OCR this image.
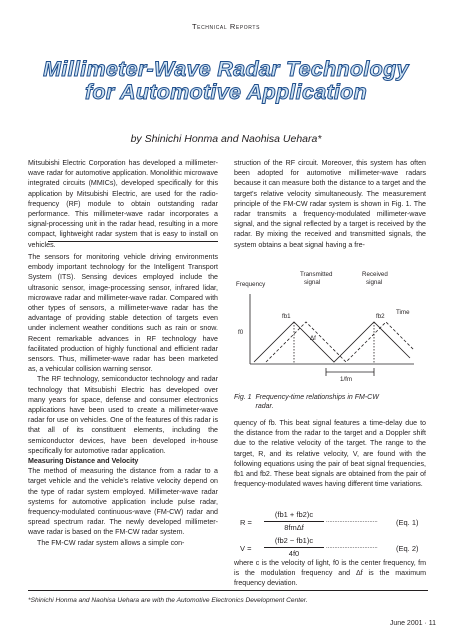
Technical Reports
Millimeter-Wave Radar Technology
for Automotive Application
by Shinichi Honma and Naohisa Uehara*

Mitsubishi Electric Corporation has developed a millimeter-wave radar for automotive application. Monolithic microwave integrated circuits (MMICs), developed specifically for this application by Mitsubishi Electric, are used for the radio-frequency (RF) module to obtain outstanding radar performance. This millimeter-wave radar incorporates a signal-processing unit in the radar head, resulting in a more compact, lightweight radar system that is easy to install on vehicles.

The sensors for monitoring vehicle driving environments embody important technology for the Intelligent Transport System (ITS). Sensing devices employed include the ultrasonic sensor, image-processing sensor, infrared lidar, microwave radar and millimeter-wave radar. Compared with other types of sensors, a millimeter-wave radar has the advantage of providing stable detection of targets even under inclement weather conditions such as rain or snow. Recent remarkable advances in RF technology have facilitated production of highly functional and efficient radar sensors. Thus, millimeter-wave radar has been marketed as, a vehicular collision warning sensor.

The RF technology, semiconductor technology and radar technology that Mitsubishi Electric has developed over many years for space, defense and consumer electronics applications have been used to create a millimeter-wave radar for use on vehicles. One of the features of this radar is that all of its constituent elements, including the semiconductor devices, have been developed in-house specifically for automotive radar application.

Measuring Distance and Velocity

The method of measuring the distance from a radar to a target vehicle and the vehicle's relative velocity depend on the type of radar system employed. Millimeter-wave radar systems for automotive application include pulse radar, frequency-modulated continuous-wave (FM-CW) radar and spread spectrum radar. The newly developed millimeter-wave radar is based on the FM-CW radar system.

The FM-CW radar system allows a simple con-

struction of the RF circuit. Moreover, this system has often been adopted for automotive millimeter-wave radars because it can measure both the distance to a target and the target's relative velocity simultaneously. The measurement principle of the FM-CW radar system is shown in Fig. 1. The radar transmits a frequency-modulated millimeter-wave signal, and the signal reflected by a target is received by the radar. By mixing the received and transmitted signals, the system obtains a beat signal having a fre-

Frequency
Transmitted
signal
Received
signal
Time
fb1	fb2
f0
Δf
1/fm
Fig. 1 Frequency-time relationships in FM-CW radar.

quency of fb. This beat signal features a time-delay due to the distance from the radar to the target and a Doppler shift due to the relative velocity of the target. The range to the target, R, and its relative velocity, V, are found with the following equations using the pair of beat signal frequencies, fb1 and fb2. These beat signals are obtained from the pair of frequency-modulated waves having different time variations.

R =
(fb1 + fb2)c
8fmΔf
............................... (Eq. 1)
V =
(fb2 − fb1)c
4f0
............................... (Eq. 2)

where c is the velocity of light, f0 is the center frequency, fm is the modulation frequency and Δf is the maximum frequency deviation.

*Shinichi Honma and Naohisa Uehara are with the Automotive Electronics Development Center.
June 2001 · 11
